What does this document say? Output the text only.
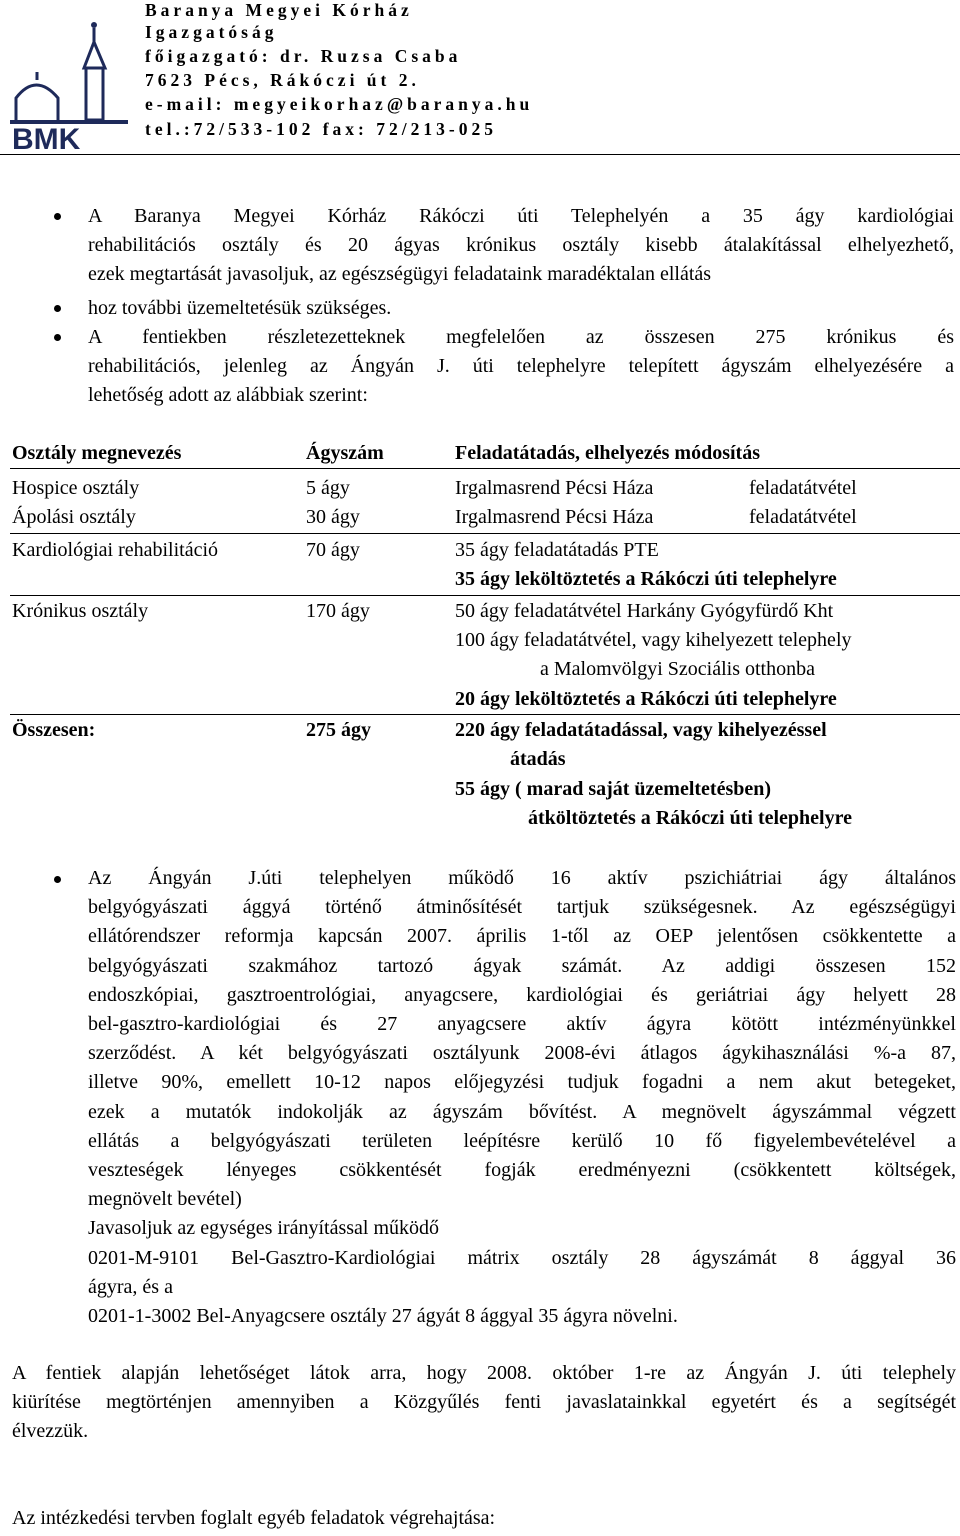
BMK
Baranya Megyei Kórház
Igazgatóság
főigazgató: dr. Ruzsa Csaba
7623 Pécs, Rákóczi út 2.
e-mail: megyeikorhaz@baranya.hu
tel.:72/533-102 fax: 72/213-025
A Baranya Megyei Kórház Rákóczi úti Telephelyén a 35 ágy kardiológiai
rehabilitációs osztály és 20 ágyas krónikus osztály kisebb átalakítással elhelyezhető,
ezek megtartását javasoljuk, az egészségügyi feladataink maradéktalan ellátás
hoz további üzemeltetésük szükséges.
A fentiekben részletezetteknek megfelelően az összesen 275 krónikus és
rehabilitációs, jelenleg az Ángyán J. úti telephelyre telepített ágyszám elhelyezésére a
lehetőség adott az alábbiak szerint:
Osztály megnevezés	Ágyszám	Feladatátadás, elhelyezés módosítás
Hospice osztály	5 ágy	Irgalmasrend Pécsi Háza	feladatátvétel
Ápolási osztály	30 ágy	Irgalmasrend Pécsi Háza	feladatátvétel
Kardiológiai rehabilitáció	70 ágy	35 ágy feladatátadás PTE
35 ágy leköltöztetés a Rákóczi úti telephelyre
Krónikus osztály	170 ágy	50 ágy feladatátvétel Harkány Gyógyfürdő Kht
100 ágy feladatátvétel, vagy kihelyezett telephely
a Malomvölgyi Szociális otthonba
20 ágy leköltöztetés a Rákóczi úti telephelyre
Összesen:	275 ágy	220 ágy feladatátadással, vagy kihelyezéssel
átadás
55 ágy ( marad saját üzemeltetésben)
átköltöztetés a Rákóczi úti telephelyre
Az Ángyán J.úti telephelyen működő 16 aktív pszichiátriai ágy általános
belgyógyászati ággyá történő átminősítését tartjuk szükségesnek. Az egészségügyi
ellátórendszer reformja kapcsán 2007. április 1-től az OEP jelentősen csökkentette a
belgyógyászati szakmához tartozó ágyak számát. Az addigi összesen 152
endoszkópiai, gasztroentrológiai, anyagcsere, kardiológiai és geriátriai ágy helyett 28
bel-gasztro-kardiológiai és 27 anyagcsere aktív ágyra kötött intézményünkkel
szerződést. A két belgyógyászati osztályunk 2008-évi átlagos ágykihasználási %-a 87,
illetve 90%, emellett 10-12 napos előjegyzési tudjuk fogadni a nem akut betegeket,
ezek a mutatók indokolják az ágyszám bővítést. A megnövelt ágyszámmal végzett
ellátás a belgyógyászati területen leépítésre kerülő 10 fő figyelembevételével a
veszteségek lényeges csökkentését fogják eredményezni (csökkentett költségek,
megnövelt bevétel)
Javasoljuk az egységes irányítással működő
0201-M-9101 Bel-Gasztro-Kardiológiai mátrix osztály 28 ágyszámát 8 ággyal 36
ágyra, és a
0201-1-3002 Bel-Anyagcsere osztály 27 ágyát 8 ággyal 35 ágyra növelni.
A fentiek alapján lehetőséget látok arra, hogy 2008. október 1-re az Ángyán J. úti telephely
kiürítése megtörténjen amennyiben a Közgyűlés fenti javaslatainkkal egyetért és a segítségét
élvezzük.
Az intézkedési tervben foglalt egyéb feladatok végrehajtása:
